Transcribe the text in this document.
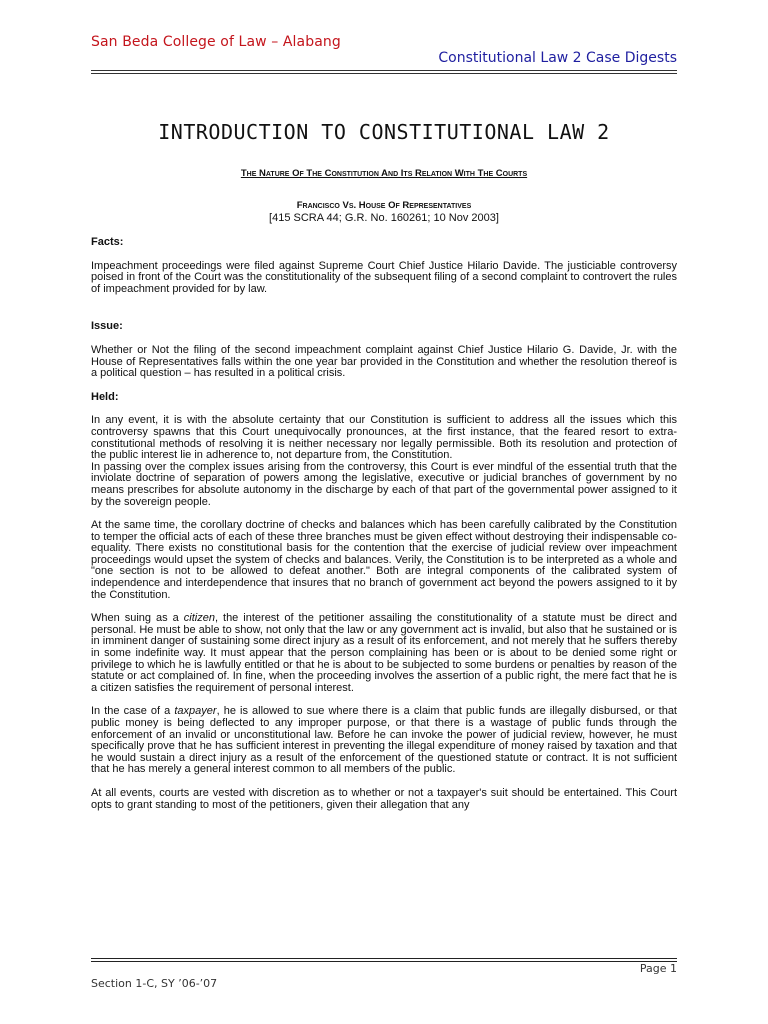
San Beda College of Law – Alabang
Constitutional Law 2 Case Digests
INTRODUCTION TO CONSTITUTIONAL LAW 2
The Nature Of The Constitution And Its Relation With The Courts
Francisco Vs. House Of Representatives
[415 SCRA 44; G.R. No. 160261; 10 Nov 2003]

Facts:

Impeachment proceedings were filed against Supreme Court Chief Justice Hilario Davide. The justiciable controversy poised in front of the Court was the constitutionality of the subsequent filing of a second complaint to controvert the rules of impeachment provided for by law.

Issue:

Whether or Not the filing of the second impeachment complaint against Chief Justice Hilario G. Davide, Jr. with the House of Representatives falls within the one year bar provided in the Constitution and whether the resolution thereof is a political question – has resulted in a political crisis.

Held:

In any event, it is with the absolute certainty that our Constitution is sufficient to address all the issues which this controversy spawns that this Court unequivocally pronounces, at the first instance, that the feared resort to extra-constitutional methods of resolving it is neither necessary nor legally permissible. Both its resolution and protection of the public interest lie in adherence to, not departure from, the Constitution.

In passing over the complex issues arising from the controversy, this Court is ever mindful of the essential truth that the inviolate doctrine of separation of powers among the legislative, executive or judicial branches of government by no means prescribes for absolute autonomy in the discharge by each of that part of the governmental power assigned to it by the sovereign people.

At the same time, the corollary doctrine of checks and balances which has been carefully calibrated by the Constitution to temper the official acts of each of these three branches must be given effect without destroying their indispensable co-equality. There exists no constitutional basis for the contention that the exercise of judicial review over impeachment proceedings would upset the system of checks and balances. Verily, the Constitution is to be interpreted as a whole and "one section is not to be allowed to defeat another." Both are integral components of the calibrated system of independence and interdependence that insures that no branch of government act beyond the powers assigned to it by the Constitution.

When suing as a citizen, the interest of the petitioner assailing the constitutionality of a statute must be direct and personal. He must be able to show, not only that the law or any government act is invalid, but also that he sustained or is in imminent danger of sustaining some direct injury as a result of its enforcement, and not merely that he suffers thereby in some indefinite way. It must appear that the person complaining has been or is about to be denied some right or privilege to which he is lawfully entitled or that he is about to be subjected to some burdens or penalties by reason of the statute or act complained of. In fine, when the proceeding involves the assertion of a public right, the mere fact that he is a citizen satisfies the requirement of personal interest.

In the case of a taxpayer, he is allowed to sue where there is a claim that public funds are illegally disbursed, or that public money is being deflected to any improper purpose, or that there is a wastage of public funds through the enforcement of an invalid or unconstitutional law. Before he can invoke the power of judicial review, however, he must specifically prove that he has sufficient interest in preventing the illegal expenditure of money raised by taxation and that he would sustain a direct injury as a result of the enforcement of the questioned statute or contract. It is not sufficient that he has merely a general interest common to all members of the public.

At all events, courts are vested with discretion as to whether or not a taxpayer's suit should be entertained. This Court opts to grant standing to most of the petitioners, given their allegation that any

Page 1
Section 1-C, SY ’06-’07
